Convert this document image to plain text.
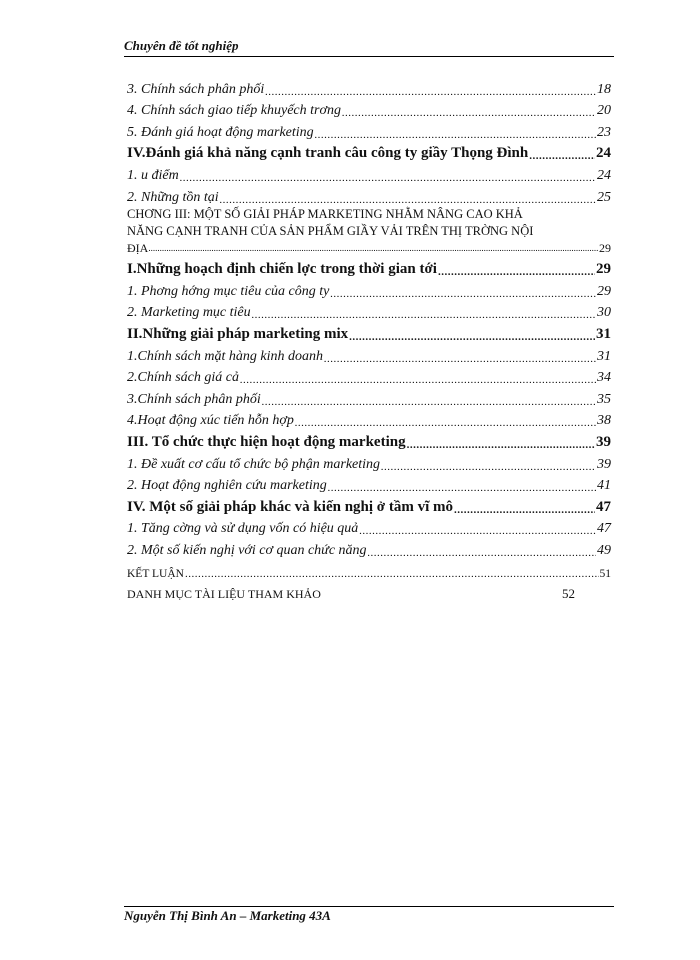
Chuyên đề tốt nghiệp
3. Chính sách phân phối .....	18
4. Chính sách giao tiếp khuyếch trơng .....	20
5. Đánh giá hoạt động marketing .....	23
IV.Đánh giá khả năng cạnh tranh câu công ty giầy Thọng Đình .....	24
1. u điểm .....	24
2. Những tồn tại .....	25
CHƠNG III: MỘT SỐ GIẢI PHÁP MARKETING NHẰM NÂNG CAO KHẢ
NĂNG CẠNH TRANH CỦA SẢN PHẨM GIẦY VẢI TRÊN THỊ TRỜNG NỘI
ĐỊA .....	29
I.Những hoạch định chiến lợc trong thời gian tới .....	29
1. Phơng hớng mục tiêu của công ty .....	29
2. Marketing mục tiêu .....	30
II.Những giải pháp marketing mix .....	31
1.Chính sách mặt hàng kinh doanh .....	31
2.Chính sách giá cả .....	34
3.Chính sách phân phối .....	35
4.Hoạt động xúc tiến hỗn hợp .....	38
III. Tổ chức thực hiện hoạt động marketing .....	39
1. Đề xuất cơ cấu tổ chức bộ phận marketing .....	39
2. Hoạt động nghiên cứu marketing .....	41
IV. Một số giải pháp khác và kiến nghị ở tầm vĩ mô .....	47
1. Tăng cờng và sử dụng vốn có hiệu quả .....	47
2. Một số kiến nghị với cơ quan chức năng .....	49
KẾT LUẬN .....	51
DANH MỤC TÀI LIỆU THAM KHẢO	52
Nguyễn Thị Bình An – Marketing 43A
